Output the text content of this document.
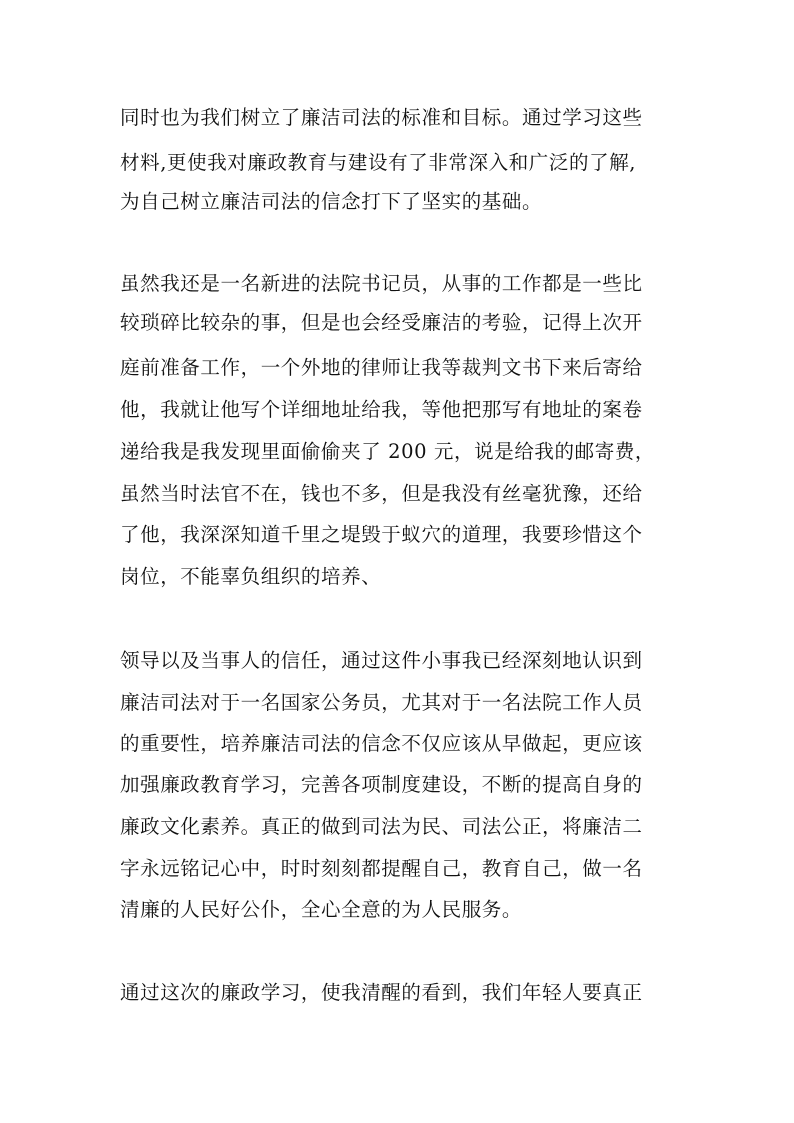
同时也为我们树立了廉洁司法的标准和目标。通过学习这些
材料,更使我对廉政教育与建设有了非常深入和广泛的了解,
为自己树立廉洁司法的信念打下了坚实的基础。
虽然我还是一名新进的法院书记员，从事的工作都是一些比
较琐碎比较杂的事，但是也会经受廉洁的考验，记得上次开
庭前准备工作，一个外地的律师让我等裁判文书下来后寄给
他，我就让他写个详细地址给我，等他把那写有地址的案卷
递给我是我发现里面偷偷夹了 200 元，说是给我的邮寄费，
虽然当时法官不在，钱也不多，但是我没有丝毫犹豫，还给
了他，我深深知道千里之堤毁于蚁穴的道理，我要珍惜这个
岗位，不能辜负组织的培养、
领导以及当事人的信任，通过这件小事我已经深刻地认识到
廉洁司法对于一名国家公务员，尤其对于一名法院工作人员
的重要性，培养廉洁司法的信念不仅应该从早做起，更应该
加强廉政教育学习，完善各项制度建设，不断的提高自身的
廉政文化素养。真正的做到司法为民、司法公正，将廉洁二
字永远铭记心中，时时刻刻都提醒自己，教育自己，做一名
清廉的人民好公仆，全心全意的为人民服务。
通过这次的廉政学习，使我清醒的看到，我们年轻人要真正
